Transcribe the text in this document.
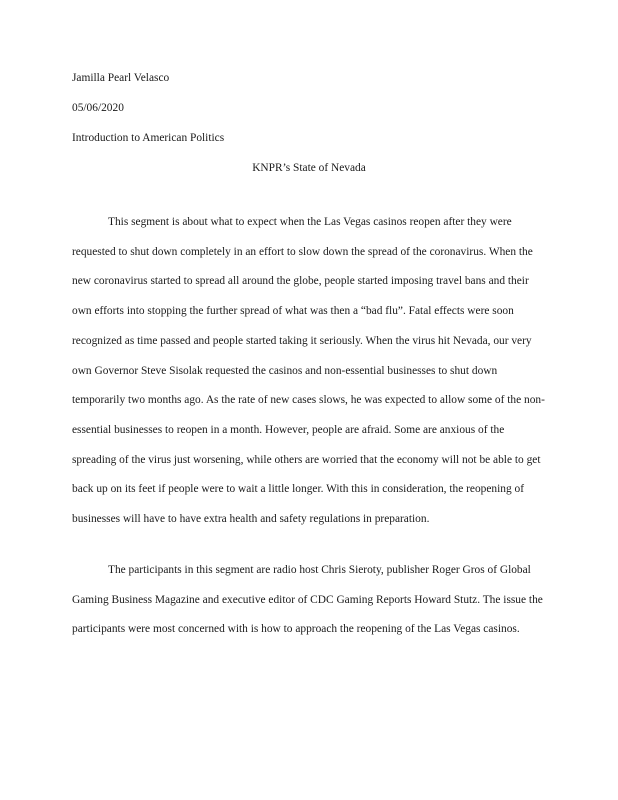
Jamilla Pearl Velasco
05/06/2020
Introduction to American Politics
KNPR’s State of Nevada
This segment is about what to expect when the Las Vegas casinos reopen after they were requested to shut down completely in an effort to slow down the spread of the coronavirus. When the new coronavirus started to spread all around the globe, people started imposing travel bans and their own efforts into stopping the further spread of what was then a “bad flu”. Fatal effects were soon recognized as time passed and people started taking it seriously. When the virus hit Nevada, our very own Governor Steve Sisolak requested the casinos and non-essential businesses to shut down temporarily two months ago. As the rate of new cases slows, he was expected to allow some of the non-essential businesses to reopen in a month. However, people are afraid. Some are anxious of the spreading of the virus just worsening, while others are worried that the economy will not be able to get back up on its feet if people were to wait a little longer. With this in consideration, the reopening of businesses will have to have extra health and safety regulations in preparation.
The participants in this segment are radio host Chris Sieroty, publisher Roger Gros of Global Gaming Business Magazine and executive editor of CDC Gaming Reports Howard Stutz. The issue the participants were most concerned with is how to approach the reopening of the Las Vegas casinos.
